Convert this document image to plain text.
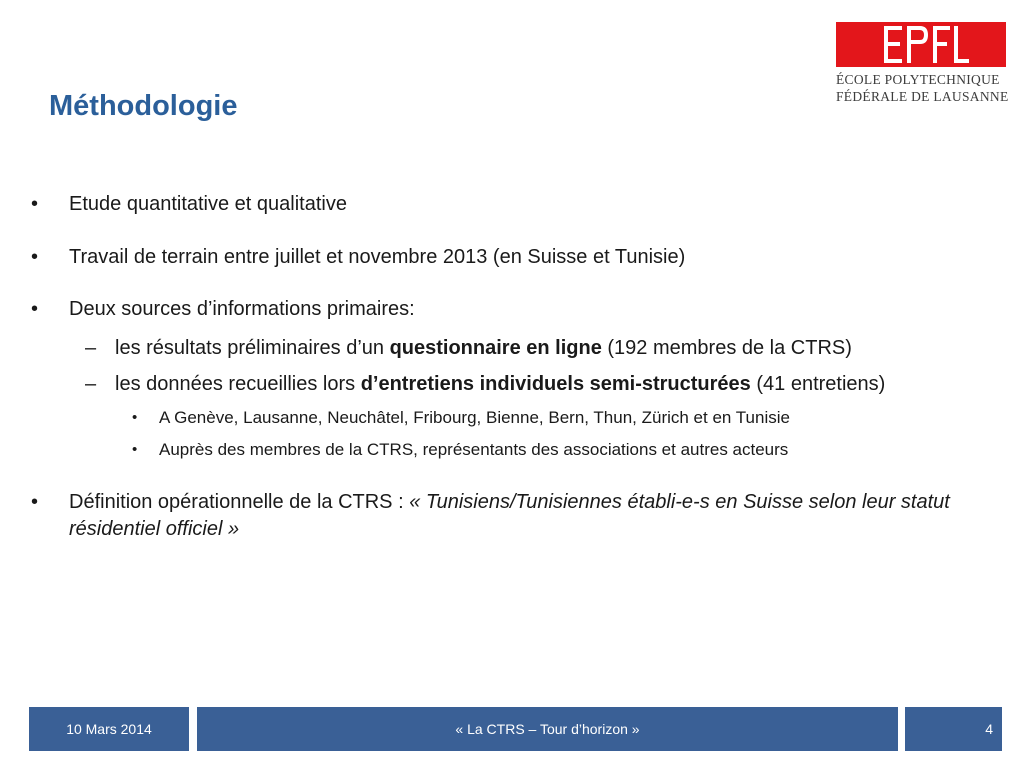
Méthodologie
ÉCOLE POLYTECHNIQUE
FÉDÉRALE DE LAUSANNE
• Etude quantitative et qualitative
• Travail de terrain entre juillet et novembre 2013 (en Suisse et Tunisie)
• Deux sources d’informations primaires:
– les résultats préliminaires d’un questionnaire en ligne (192 membres de la CTRS)
– les données recueillies lors d’entretiens individuels semi-structurées (41 entretiens)
• A Genève, Lausanne, Neuchâtel, Fribourg, Bienne, Bern, Thun, Zürich et en Tunisie
• Auprès des membres de la CTRS, représentants des associations et autres acteurs
• Définition opérationnelle de la CTRS : « Tunisiens/Tunisiennes établi-e-s en Suisse selon leur statut résidentiel officiel »
10 Mars 2014	« La CTRS – Tour d’horizon »	4
